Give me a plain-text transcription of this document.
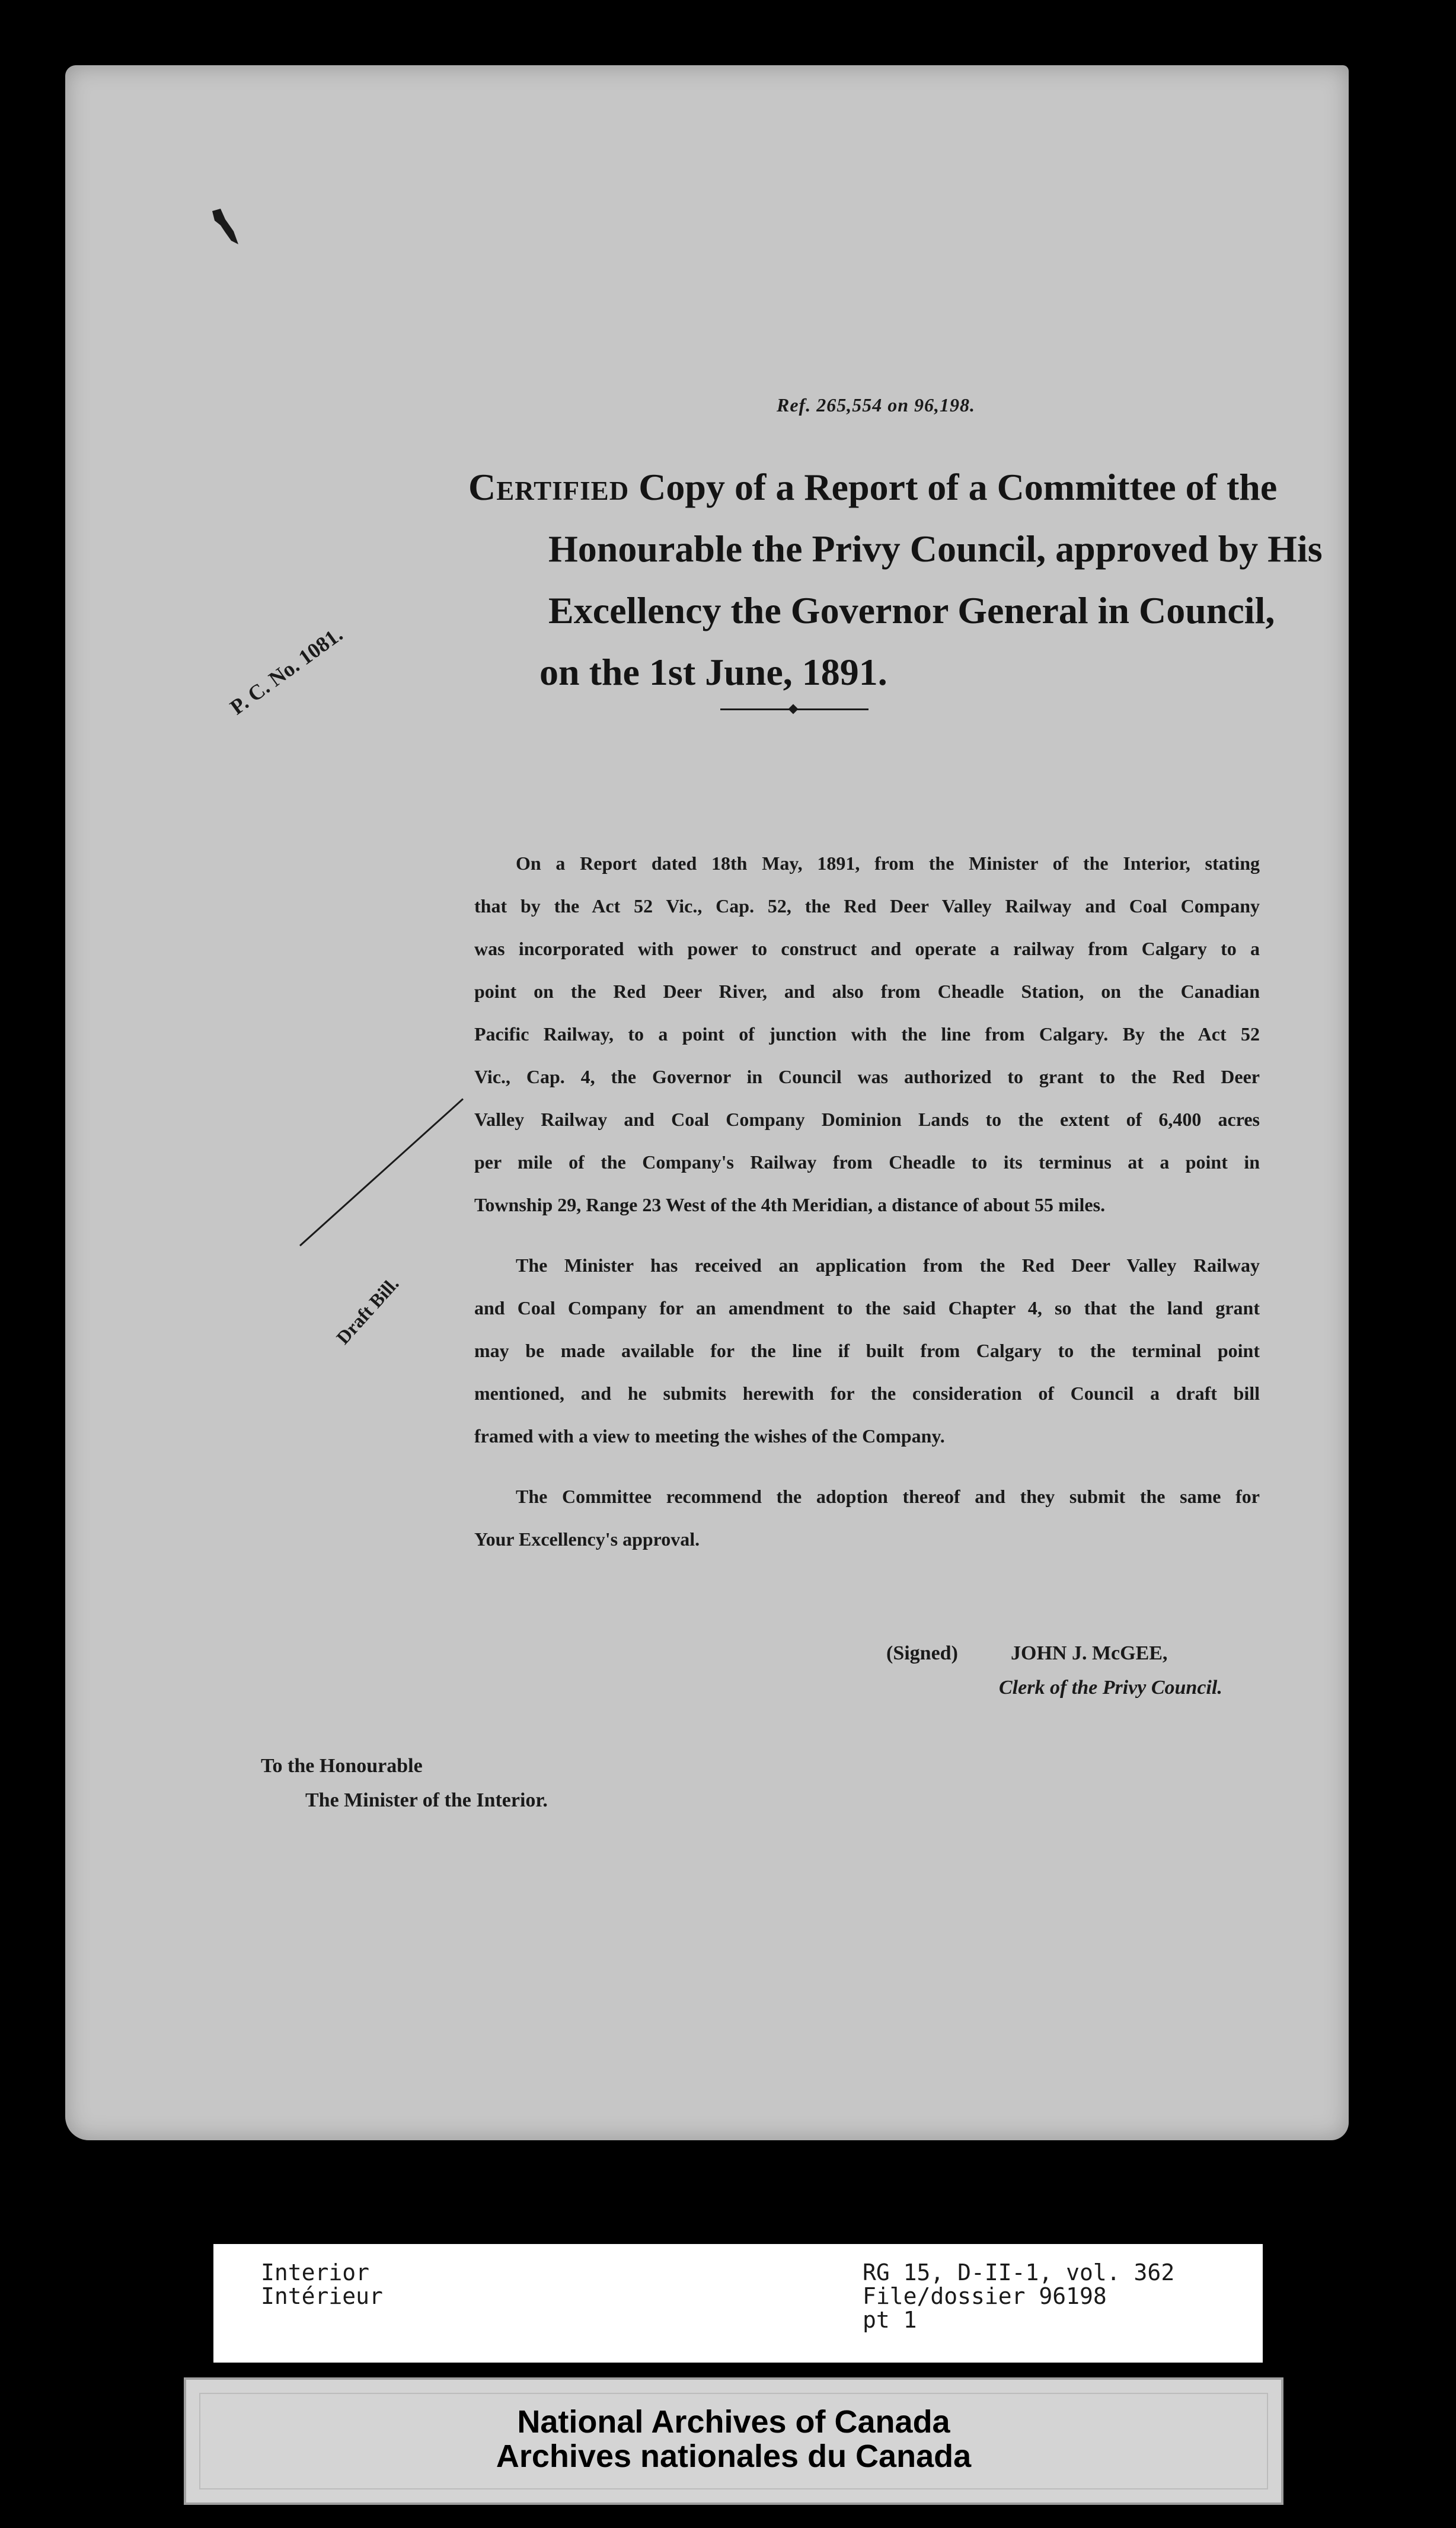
Ref. 265,554 on 96,198.
Certified Copy of a Report of a Committee of the
Honourable the Privy Council, approved by His
Excellency the Governor General in Council,
on the 1st June, 1891.
P. C. No. 1081.
On a Report dated 18th May, 1891, from the Minister of the Interior, stating
that by the Act 52 Vic., Cap. 52, the Red Deer Valley Railway and Coal Company
was incorporated with power to construct and operate a railway from Calgary to a
point on the Red Deer River, and also from Cheadle Station, on the Canadian
Pacific Railway, to a point of junction with the line from Calgary. By the Act 52
Vic., Cap. 4, the Governor in Council was authorized to grant to the Red Deer
Valley Railway and Coal Company Dominion Lands to the extent of 6,400 acres
per mile of the Company's Railway from Cheadle to its terminus at a point in
Township 29, Range 23 West of the 4th Meridian, a distance of about 55 miles.
The Minister has received an application from the Red Deer Valley Railway
and Coal Company for an amendment to the said Chapter 4, so that the land grant
may be made available for the line if built from Calgary to the terminal point
mentioned, and he submits herewith for the consideration of Council a draft bill
framed with a view to meeting the wishes of the Company.
The Committee recommend the adoption thereof and they submit the same for
Your Excellency's approval.
Draft Bill.
(Signed)	JOHN J. McGEE,
Clerk of the Privy Council.
To the Honourable
The Minister of the Interior.
Interior
Intérieur
RG 15, D-II-1, vol. 362
File/dossier 96198
pt 1
National Archives of Canada
Archives nationales du Canada
